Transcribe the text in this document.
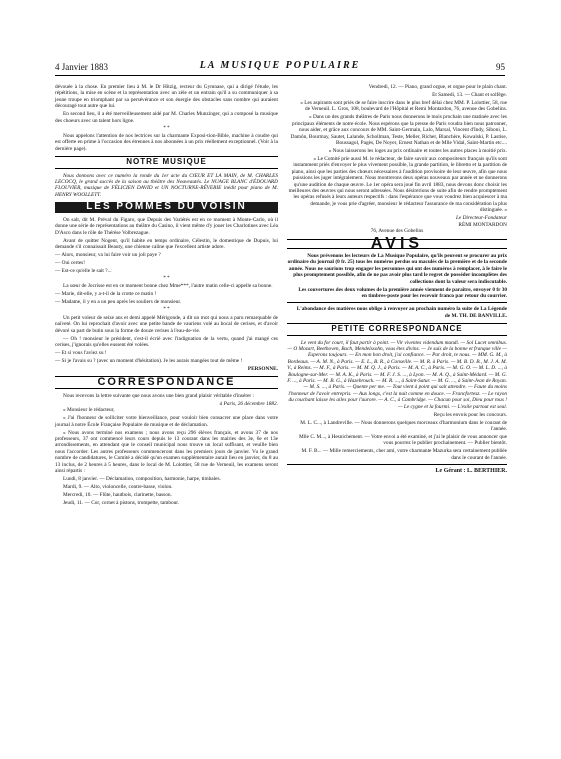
4 Janvier 1883	LA MUSIQUE POPULAIRE	95

dévouée à la chose. En premier lieu à M. le Dr Hitzig, recteur du Gymnase, qui a dirigé l'étude, les répétitions, la mise en scène et la représentation avec un zèle et un entrain qu'il a su communiquer à sa jeune troupe en triomphant par sa persévérance et son énergie des obstacles sans nombre qui auraient découragé tout autre que lui.

En second lieu, il a été merveilleusement aidé par M. Charles Munzinger, qui a composé la musique des choeurs avec un talent hors ligne.

* *

Nous appelons l'attention de nos lectrices sur la charmante Exposi-tion-Bible, machine à coudre qui est offerte en prime à l'occasion des étrennes à nos abonnées à un prix réellement exceptionnel. (Voir à la dernière page).

NOTRE MUSIQUE

Nous donnons avec ce numéro la ronde du 1er acte du CŒUR ET LA MAIN, de M. CHARLES LECOCQ, le grand succès de la saison au théâtre des Nouveautés. Le NUAGE BLANC d'ÉDOUARD FLOUVIER, musique de FÉLICIEN DAVID et UN NOCTURNE-RÊVERIE inédit pour piano de M. HENRY WOOLLETT.

LES POMMES DU VOISIN

On salt, dit M. Préval du Figaro, que Depuis des Variétés est en ce moment à Monte-Carlo, où il donne une série de représentations au théâtre du Casino, il vient même d'y jouer les Charlotines avec Léa D'Asco dans le rôle de Thérèse Volbrezague.

Avant de quitter Nogent, qu'il habite en temps ordinaire, Célestin, le domestique de Dupuis, lui demande s'il connaissait Beauty, une chienne caline que l'excellent artiste adore.

— Alors, monsieur, va lui faire voir un joli paye ?

— Oui certes!

— Est-ce qu'elle le sait ?...

* *

La sœur de Jocrisse est en ce moment bonne chez Mme***, l'autre matin celle-ci appelle sa bonne.

— Marie, dit-elle, y a-t-il de la crotte ce matin !

— Madame, il y en a un peu après les souliers de monsieur.

* *

Un petit voleur de seize ans et demi appelé Mérigonde, a dit un mot qui nous a paru remarquable de naïveté. On lui reprochait d'avoir avec une petite bande de vauriens volé au bocal de cerises, et d'avoir dévoré sa part de butin sous la forme de douze cerises à l'eau-de-vie.

— Oh ! monsieur le président, s'est-il écrié avec l'indignation de la vertu, quand j'ai mangé ces cerises, j'ignorais qu'elles eussent été volées.

— Et si vous l'aviez su !

— Si je l'avais su ? (avec un moment d'hésitation). Je les aurais mangées tout de même !

PERSONNE.
CORRESPONDANCE

Nous recevons la lettre suivante que nous avons une bien grand plaisir véritable d'insérer :

à Paris, 26 décembre 1882.

« Monsieur le rédacteur,

« J'ai l'honneur de solliciter votre bienveillance, pour vouloir bien consacrer une place dans votre journal à notre École Française Populaire de musique et de déclamation.

« Nous avons terminé nos examens ; nous avons reçu 296 élèves français, et avons 37 de nos professeurs, 37 ont commencé leurs cours depuis le 13 courant dans les mairies des 3e, 6e et 13e arrondissements, en attendant que le conseil municipal nous trouve un local suffisant, et veuille bien nous l'accorder. Les autres professeurs commenceront dans les premiers jours de janvier. Vu le grand nombre de candidatures, le Comité a décidé qu'un examen supplémentaire aurait lieu en janvier, du 8 au 13 inclus, de 2 heures à 5 heures, dans le local de M. Lolottier, 58 rue de Verneuil, les examens seront ainsi répartis :

Lundi, 8 janvier. — Déclamation, composition, harmonie, harpe, timbales.

Mardi, 9. — Alto, violoncelle, contre-basse, violon.

Mercredi, 10. — Flûte, hautbois, clarinette, basson.

Jeudi, 11. — Cor, cornet à pistons, trompette, tambour.

Vendredi, 12. — Piano, grand orgue, et orgue pour le plain chant.

Et Samedi, 13. — Chant et solfège.

« Les aspirants sont priés de se faire inscrire dans le plus bref délai chez MM. P. Lolottier, 58, rue de Verneuil. L. Gros, 108, boulevard de l'Hôpital et Remi Montardon, 76, avenue des Gobelins.

« Dans un des grands théâtres de Paris nous donnerons le mois prochain une matinée avec les principaux éléments de notre école. Nous espérons que la presse de Paris voudra bien nous patronner, nous aider, et grâce aux concours de MM. Saint-Germain, Lalo, Marsal, Vincent d'Indy, Siboni, L. Damôn, Bourmay, Sautet, Lalande, Schollman, Teste, Meller, Richer, Blanchère, Kowalski, P. Lastise, Boussagol, Pagès, De Noyer, Ernest Nathan et de Mlle Vidal, Saint-Martin etc....

« Nous laisserons les loges au prix ordinaire et toutes les autres places à moitié prix.

« Le Comité prie aussi M. le rédacteur, de faire savoir aux compositeurs français qu'ils sont instamment priés d'envoyer le plus vivement possible, la grande partition, le libretto et la partition de piano, ainsi que les parties des chœurs nécessaires à l'audition provisoire de leur œuvre, afin que nous puissions les juger intégralement. Nous montrerons deux opéras nouveaux par année et ne donnerons qu'une audition de chaque œuvre. Le 1er opéra sera joué fin avril 1883, nous devons donc choisir les meilleures des œuvres qui nous seront adressées. Nous désirerions de suite afin de rendre promptement les opéras refusés à leurs auteurs respectifs : dans l'espérance que vous voudrez bien acquiescer à ma demande, je vous prie d'agréer, monsieur le rédacteur l'assurance de ma considération la plus distinguée. »

Le Directeur-Fondateur
RÉMI MONTARDON
76, Avenue des Gobelins
AVIS

Nous prévenons les lecteurs de La Musique Populaire, qu'ils peuvent se procurer au prix ordinaire du journal (0 fr. 25) tous les numéros perdus ou maculés de la première et de la seconde année. Nous ne saurions trop engager les personnes qui ont des numéros à remplacer, à le faire le plus promptement possible, afin de ne pas avoir plus tard le regret de posséder incomplètes des collections dont la valeur sera indiscutable.

Les couvertures des deux volumes de la première année viennent de paraître, envoyer 0 fr 30 en timbres-poste pour les recevoir franco par retour du courrier.

L'abondance des matières nous oblige à renvoyer au prochain numéro la suite de La Légende de M. TH. DE BANVILLE.

PETITE CORRESPONDANCE

Le vent du for court, il faut partir à point. — Vir viventes videndum mundi. — Sol Lucet omnibus. — O Mozart, Beethoven, Bach, Mendelssohn, vous êtes divins. — Je suis de la bonne et franque ville — Esperons toujours. — En mon bon droit, j'ai confiance. — Par droit, te nous. — MM. G. M., à Bordeaux. — A. M. N., à Paris. — E. L., B. R., à Conseille. — M. R. à Paris. — M. B. D. B., M. J. A. M. V., à Reims. — M. F., à Paris. — M. M. Q. J., à Paris. — M. A. C., à Paris. — M. G. O. — M. L. D. ..., à Boulogne-sur-Mer. — M. A. K., à Paris. — M. F. J. S. ..., à Lyon. — M. A. Q., à Saint-Médard. — M. G. F. ..., à Paris. — M. B. G., à Hazebrouck. — M. R. ..., à Saint-Satur. — M. G. ..., à Saint-Jean de Royan. — M. S. ..., à Paris. — Quente per me. — Tout vient à point qui sait attendre. — Faute du moins l'honneur de l'avoir entrepris. — Aux longs, c'est la nuit comme en douce. — Francfortesz. — Le rayon du couchant laisse les ailes pour l'aurore. — A. C., à Cambridge. — Chacun pour soi, Dieu pour tous ! — Le cygne et la fourmi. — L'exile partout est seul.

Reçu les envois pour les concours.

M. L. C..., à Landreville. — Nous donnerons quelques morceaux d'harmonium dans le courant de l'année.

Mlle C. M..., à Hesnichement. — Votre envoi a été examiné, et j'ai le plaisir de vous annoncer que vous pourrez le publier prochainement. — Publier bientôt.

M. F. B... — Mille remerciements, cher ami, votre charmante Mazurka sera certainement publiée dans le courant de l'année.

Le Gérant : L. BERTHIER.
